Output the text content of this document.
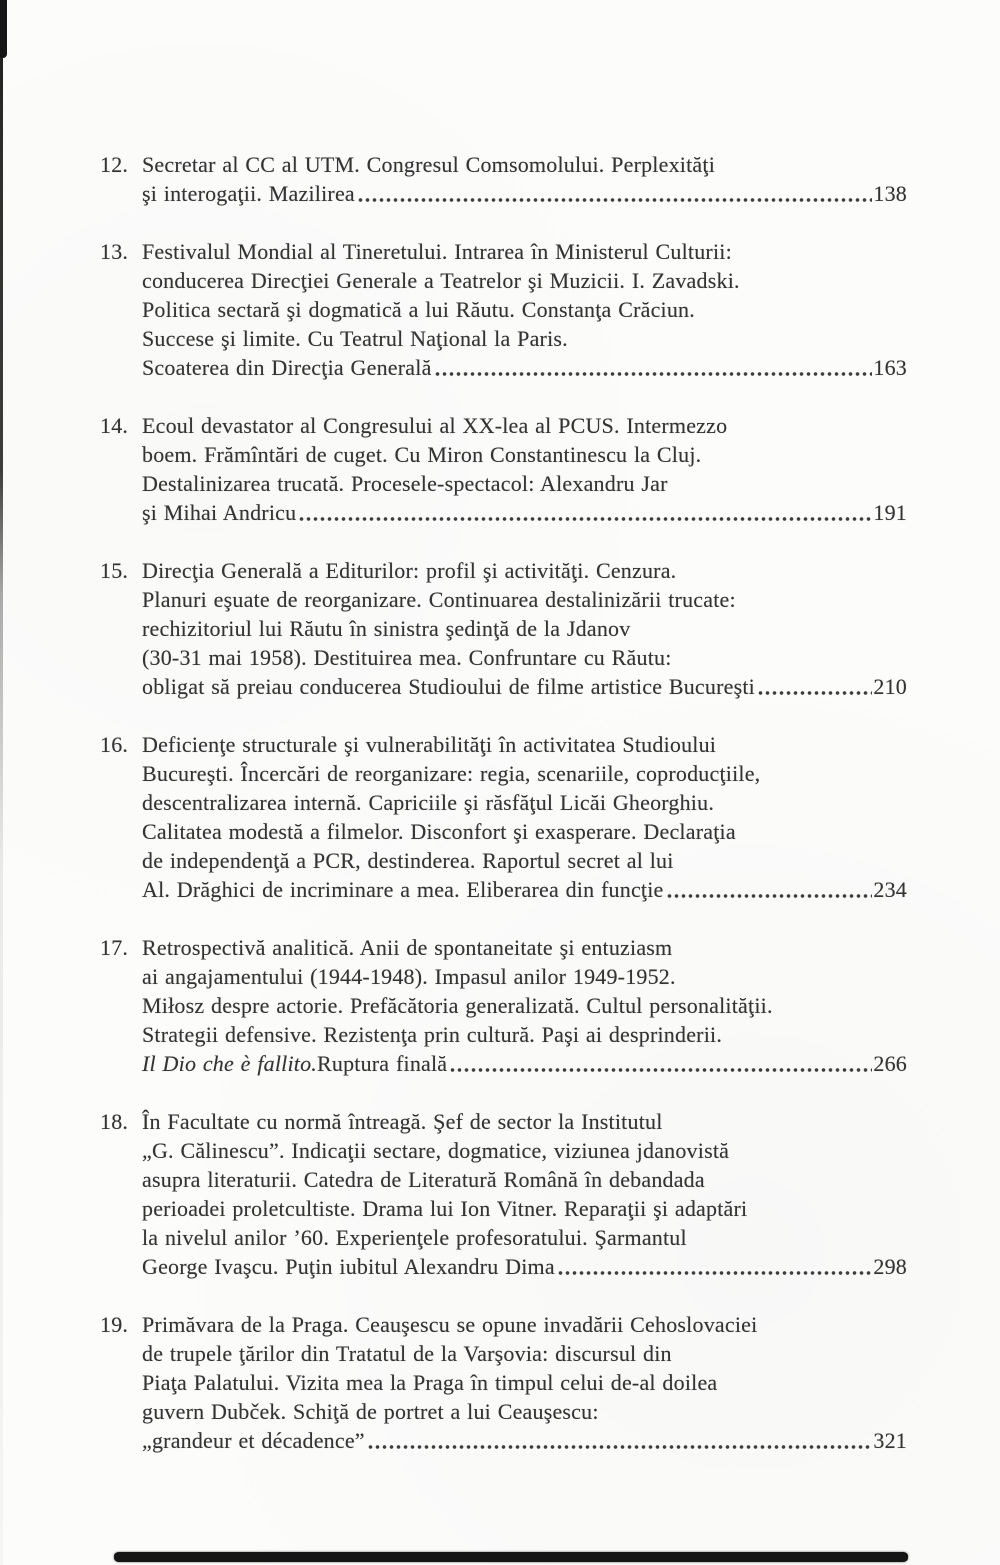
12. Secretar al CC al UTM. Congresul Comsomolului. Perplexităţi
şi interogaţii. Mazilirea	138
13. Festivalul Mondial al Tineretului. Intrarea în Ministerul Culturii:
conducerea Direcţiei Generale a Teatrelor şi Muzicii. I. Zavadski.
Politica sectară şi dogmatică a lui Răutu. Constanţa Crăciun.
Succese şi limite. Cu Teatrul Naţional la Paris.
Scoaterea din Direcţia Generală	163
14. Ecoul devastator al Congresului al XX-lea al PCUS. Intermezzo
boem. Frămîntări de cuget. Cu Miron Constantinescu la Cluj.
Destalinizarea trucată. Procesele-spectacol: Alexandru Jar
şi Mihai Andricu	191
15. Direcţia Generală a Editurilor: profil şi activităţi. Cenzura.
Planuri eşuate de reorganizare. Continuarea destalinizării trucate:
rechizitoriul lui Răutu în sinistra şedinţă de la Jdanov
(30-31 mai 1958). Destituirea mea. Confruntare cu Răutu:
obligat să preiau conducerea Studioului de filme artistice Bucureşti	210
16. Deficienţe structurale şi vulnerabilităţi în activitatea Studioului
Bucureşti. Încercări de reorganizare: regia, scenariile, coproducţiile,
descentralizarea internă. Capriciile şi răsfăţul Licăi Gheorghiu.
Calitatea modestă a filmelor. Disconfort şi exasperare. Declaraţia
de independenţă a PCR, destinderea. Raportul secret al lui
Al. Drăghici de incriminare a mea. Eliberarea din funcţie	234
17. Retrospectivă analitică. Anii de spontaneitate şi entuziasm
ai angajamentului (1944-1948). Impasul anilor 1949-1952.
Miłosz despre actorie. Prefăcătoria generalizată. Cultul personalităţii.
Strategii defensive. Rezistenţa prin cultură. Paşi ai desprinderii.
Il Dio che è fallito. Ruptura finală	266
18. În Facultate cu normă întreagă. Şef de sector la Institutul
„G. Călinescu”. Indicaţii sectare, dogmatice, viziunea jdanovistă
asupra literaturii. Catedra de Literatură Română în debandada
perioadei proletcultiste. Drama lui Ion Vitner. Reparaţii şi adaptări
la nivelul anilor ’60. Experienţele profesoratului. Şarmantul
George Ivaşcu. Puţin iubitul Alexandru Dima	298
19. Primăvara de la Praga. Ceauşescu se opune invadării Cehoslovaciei
de trupele ţărilor din Tratatul de la Varşovia: discursul din
Piaţa Palatului. Vizita mea la Praga în timpul celui de-al doilea
guvern Dubček. Schiţă de portret a lui Ceauşescu:
„grandeur et décadence”	321
